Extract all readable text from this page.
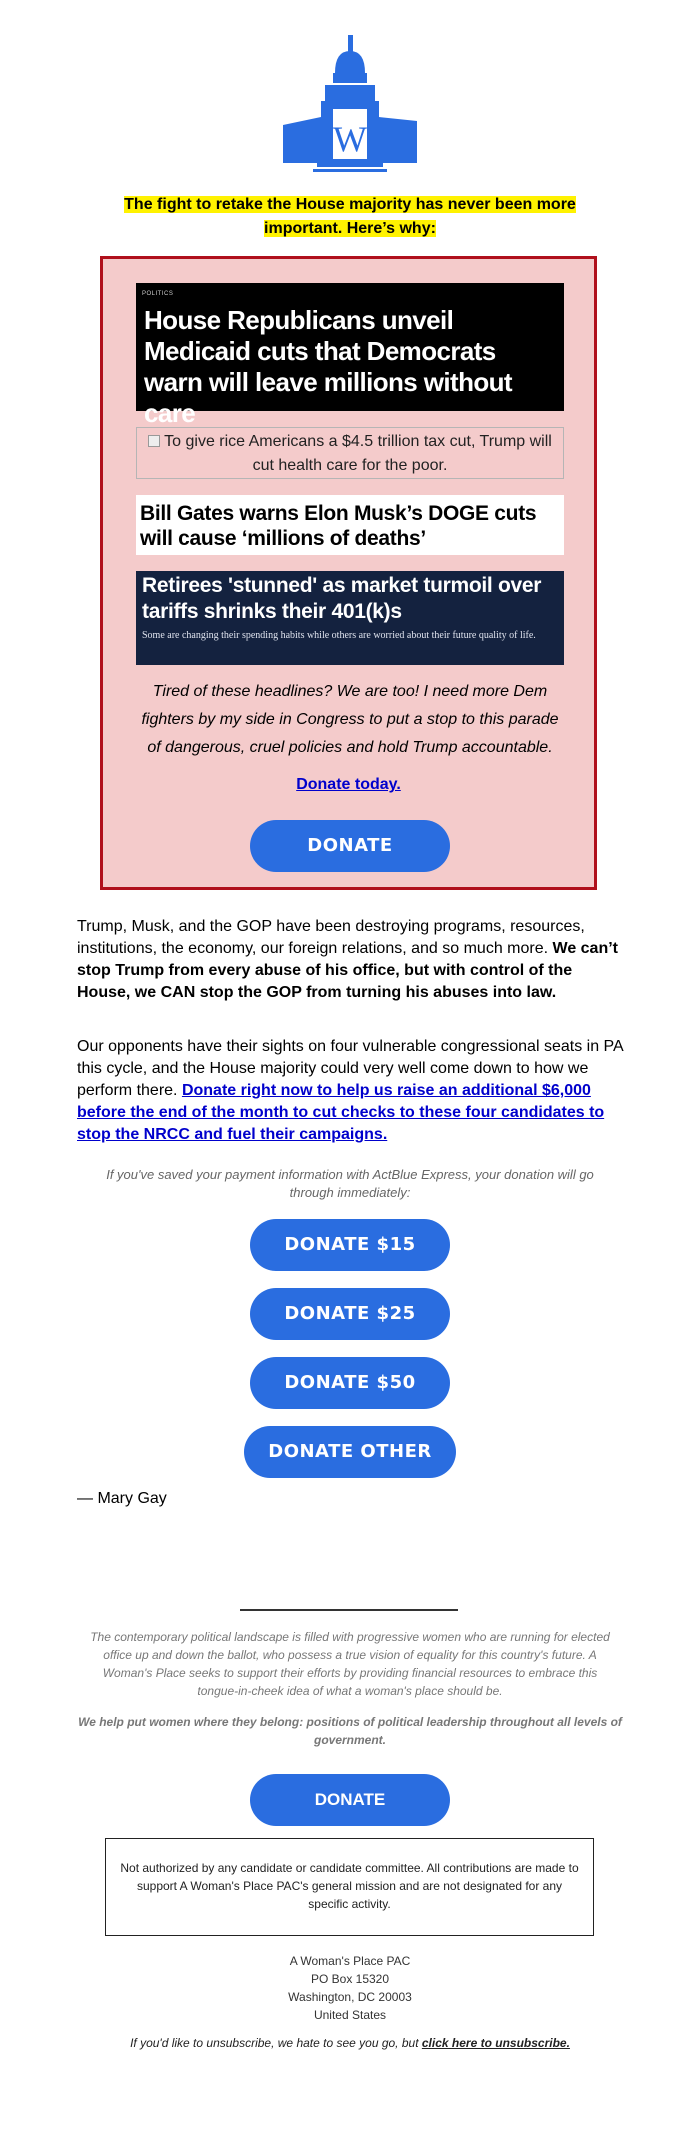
W
The fight to retake the House majority has never been more important. Here’s why:
POLITICS
House Republicans unveil Medicaid cuts that Democrats warn will leave millions without care
To give rice Americans a $4.5 trillion tax cut, Trump will cut health care for the poor.
Bill Gates warns Elon Musk’s DOGE cuts will cause ‘millions of deaths’
Retirees 'stunned' as market turmoil over tariffs shrinks their 401(k)s
Some are changing their spending habits while others are worried about their future quality of life.
Tired of these headlines? We are too! I need more Dem fighters by my side in Congress to put a stop to this parade of dangerous, cruel policies and hold Trump accountable.
Donate today.
DONATE
Trump, Musk, and the GOP have been destroying programs, resources, institutions, the economy, our foreign relations, and so much more. We can’t stop Trump from every abuse of his office, but with control of the House, we CAN stop the GOP from turning his abuses into law.
Our opponents have their sights on four vulnerable congressional seats in PA this cycle, and the House majority could very well come down to how we perform there. Donate right now to help us raise an additional $6,000 before the end of the month to cut checks to these four candidates to stop the NRCC and fuel their campaigns.
If you've saved your payment information with ActBlue Express, your donation will go through immediately:
DONATE $15
DONATE $25
DONATE $50
DONATE OTHER
— Mary Gay
The contemporary political landscape is filled with progressive women who are running for elected office up and down the ballot, who possess a true vision of equality for this country's future. A Woman's Place seeks to support their efforts by providing financial resources to embrace this tongue-in-cheek idea of what a woman's place should be.
We help put women where they belong: positions of political leadership throughout all levels of government.
DONATE
Not authorized by any candidate or candidate committee. All contributions are made to support A Woman's Place PAC's general mission and are not designated for any specific activity.
A Woman's Place PAC
PO Box 15320
Washington, DC 20003
United States
If you'd like to unsubscribe, we hate to see you go, but click here to unsubscribe.
